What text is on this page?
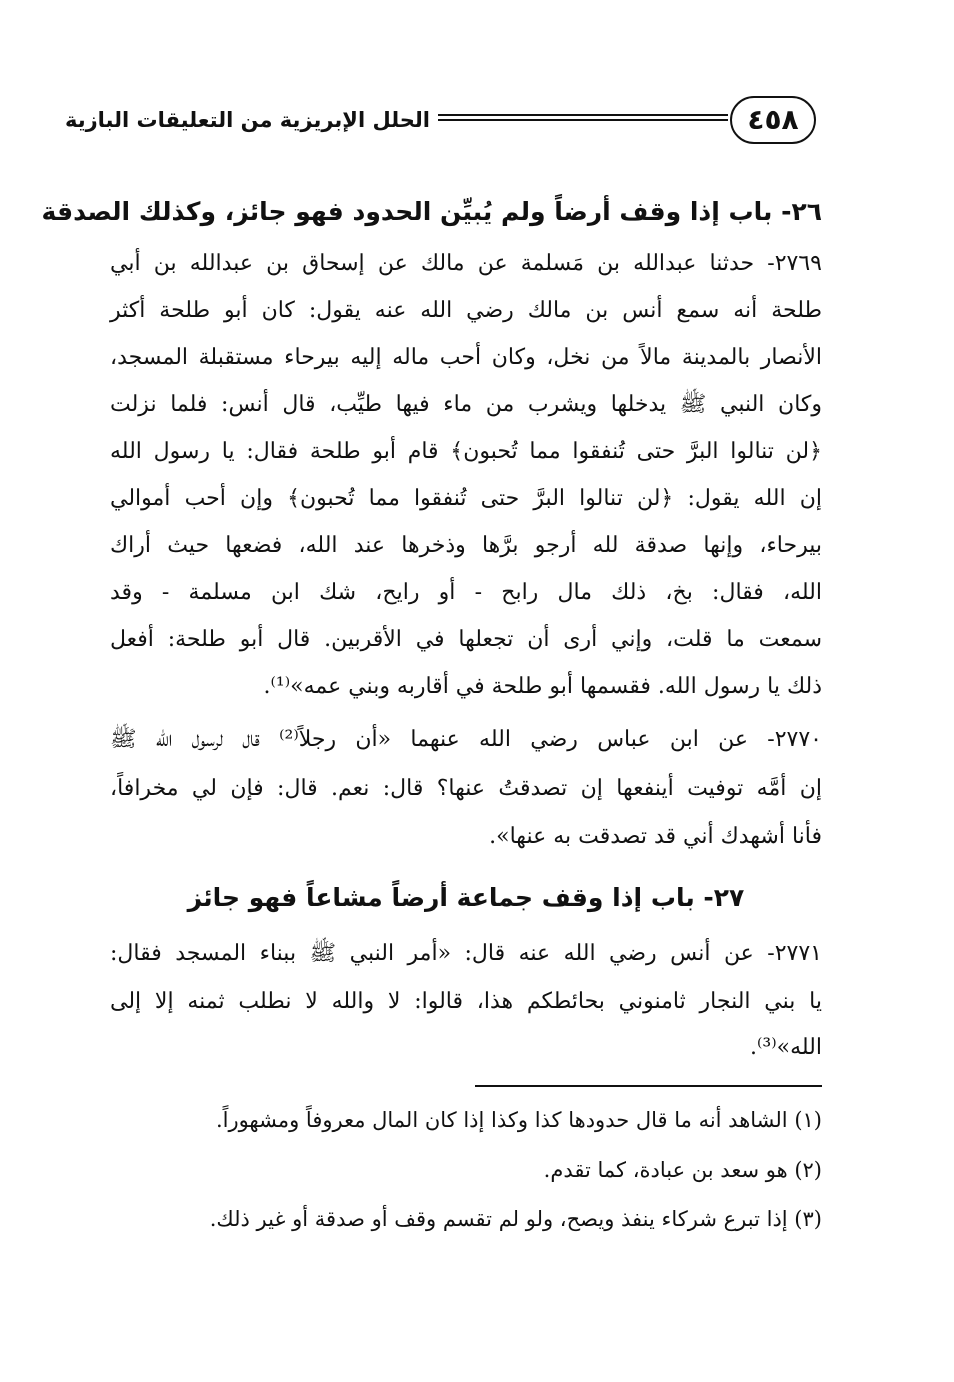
الحلل الإبريزية من التعليقات البازية	٤٥٨
٢٦- باب إذا وقف أرضاً ولم يُبيِّن الحدود فهو جائز، وكذلك الصدقة
٢٧٦٩- حدثنا عبدالله بن مَسلمة عن مالك عن إسحاق بن عبدالله بن أبي
طلحة أنه سمع أنس بن مالك رضي الله عنه يقول: كان أبو طلحة أكثر
الأنصار بالمدينة مالاً من نخل، وكان أحب ماله إليه بيرحاء مستقبلة المسجد،
وكان النبي ﷺ يدخلها ويشرب من ماء فيها طيِّب، قال أنس: فلما نزلت
﴿لن تنالوا البرَّ حتى تُنفقوا مما تُحبون﴾ قام أبو طلحة فقال: يا رسول الله
إن الله يقول: ﴿لن تنالوا البرَّ حتى تُنفقوا مما تُحبون﴾ وإن أحب أموالي
بيرحاء، وإنها صدقة لله أرجو برَّها وذخرها عند الله، فضعها حيث أراك
الله، فقال: بخ، ذلك مال رابح - أو رايح، شك ابن مسلمة - وقد
سمعت ما قلت، وإني أرى أن تجعلها في الأقربين. قال أبو طلحة: أفعل
ذلك يا رسول الله. فقسمها أبو طلحة في أقاربه وبني عمه»⁽¹⁾.
٢٧٧٠- عن ابن عباس رضي الله عنهما «أن رجلاً⁽²⁾ قال لرسول الله ﷺ
إن أمَّه توفيت أينفعها إن تصدقتُ عنها؟ قال: نعم. قال: فإن لي مخرافاً،
فأنا أشهدك أني قد تصدقت به عنها».
٢٧- باب إذا وقف جماعة أرضاً مشاعاً فهو جائز
٢٧٧١- عن أنس رضي الله عنه قال: «أمر النبي ﷺ ببناء المسجد فقال:
يا بني النجار ثامنوني بحائطكم هذا، قالوا: لا والله لا نطلب ثمنه إلا إلى
الله»⁽³⁾.
(١) الشاهد أنه ما قال حدودها كذا وكذا إذا كان المال معروفاً ومشهوراً.
(٢) هو سعد بن عبادة، كما تقدم.
(٣) إذا تبرع شركاء ينفذ ويصح، ولو لم تقسم وقف أو صدقة أو غير ذلك.
